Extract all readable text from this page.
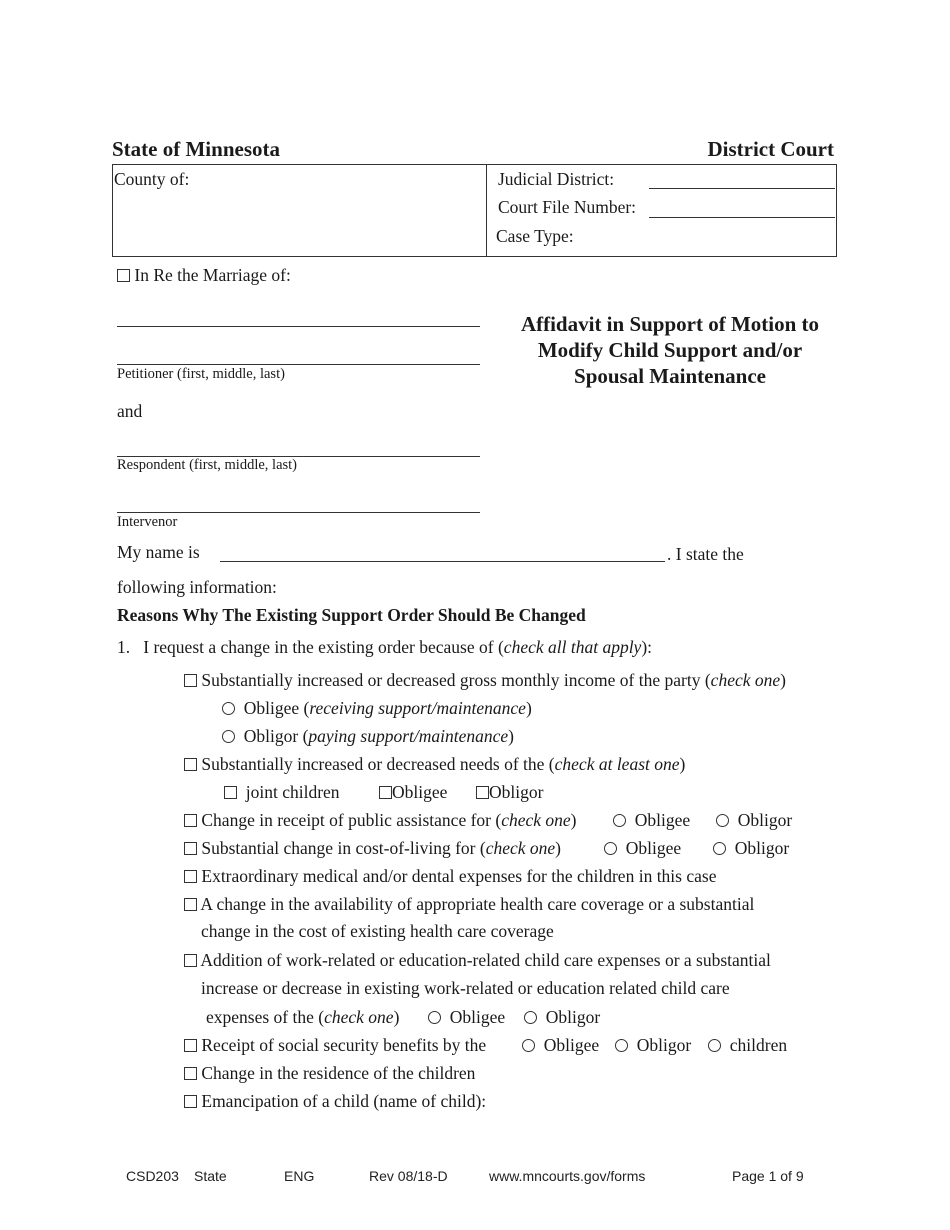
State of Minnesota	District Court
County of:	Judicial District:
Court File Number:
Case Type:
In Re the Marriage of:
Petitioner (first, middle, last)
and
Respondent (first, middle, last)
Intervenor
Affidavit in Support of Motion to
Modify Child Support and/or
Spousal Maintenance
My name is	. I state the
following information:
Reasons Why The Existing Support Order Should Be Changed
1. I request a change in the existing order because of (check all that apply):
Substantially increased or decreased gross monthly income of the party (check one)
Obligee (receiving support/maintenance)
Obligor (paying support/maintenance)
Substantially increased or decreased needs of the (check at least one)
joint children	Obligee	Obligor
Change in receipt of public assistance for (check one)	Obligee	Obligor
Substantial change in cost-of-living for (check one)	Obligee	Obligor
Extraordinary medical and/or dental expenses for the children in this case
A change in the availability of appropriate health care coverage or a substantial
change in the cost of existing health care coverage
Addition of work-related or education-related child care expenses or a substantial
increase or decrease in existing work-related or education related child care
expenses of the (check one)	Obligee	Obligor
Receipt of social security benefits by the	Obligee	Obligor	children
Change in the residence of the children
Emancipation of a child (name of child):
CSD203 State	ENG	Rev 08/18-D	www.mncourts.gov/forms	Page 1 of 9
